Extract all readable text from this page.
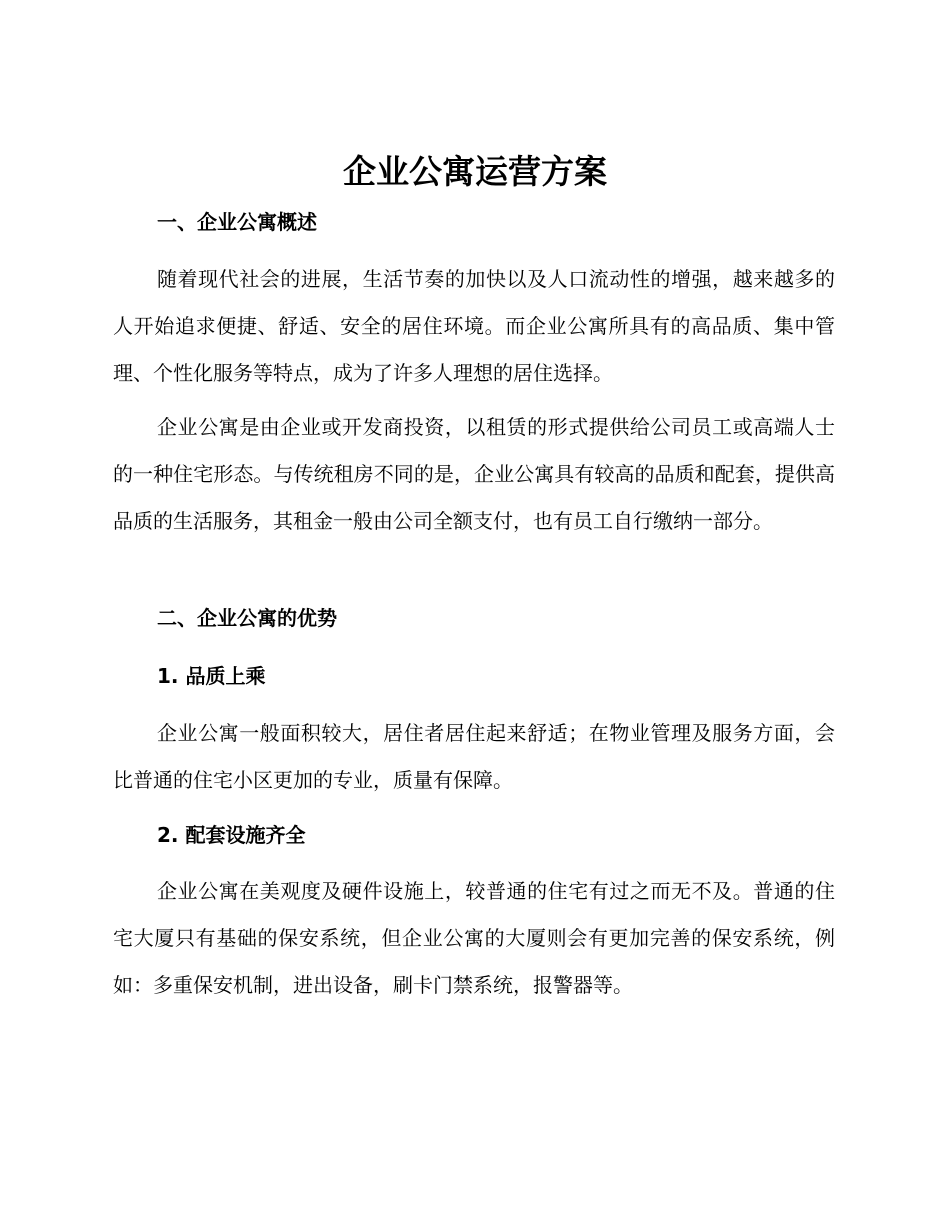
企业公寓运营方案
一、企业公寓概述

随着现代社会的进展，生活节奏的加快以及人口流动性的增强，越来越多的人开始追求便捷、舒适、安全的居住环境。而企业公寓所具有的高品质、集中管理、个性化服务等特点，成为了许多人理想的居住选择。

企业公寓是由企业或开发商投资，以租赁的形式提供给公司员工或高端人士的一种住宅形态。与传统租房不同的是，企业公寓具有较高的品质和配套，提供高品质的生活服务，其租金一般由公司全额支付，也有员工自行缴纳一部分。

二、企业公寓的优势
1. 品质上乘

企业公寓一般面积较大，居住者居住起来舒适；在物业管理及服务方面，会比普通的住宅小区更加的专业，质量有保障。

2. 配套设施齐全

企业公寓在美观度及硬件设施上，较普通的住宅有过之而无不及。普通的住宅大厦只有基础的保安系统，但企业公寓的大厦则会有更加完善的保安系统，例如：多重保安机制，进出设备，刷卡门禁系统，报警器等。
